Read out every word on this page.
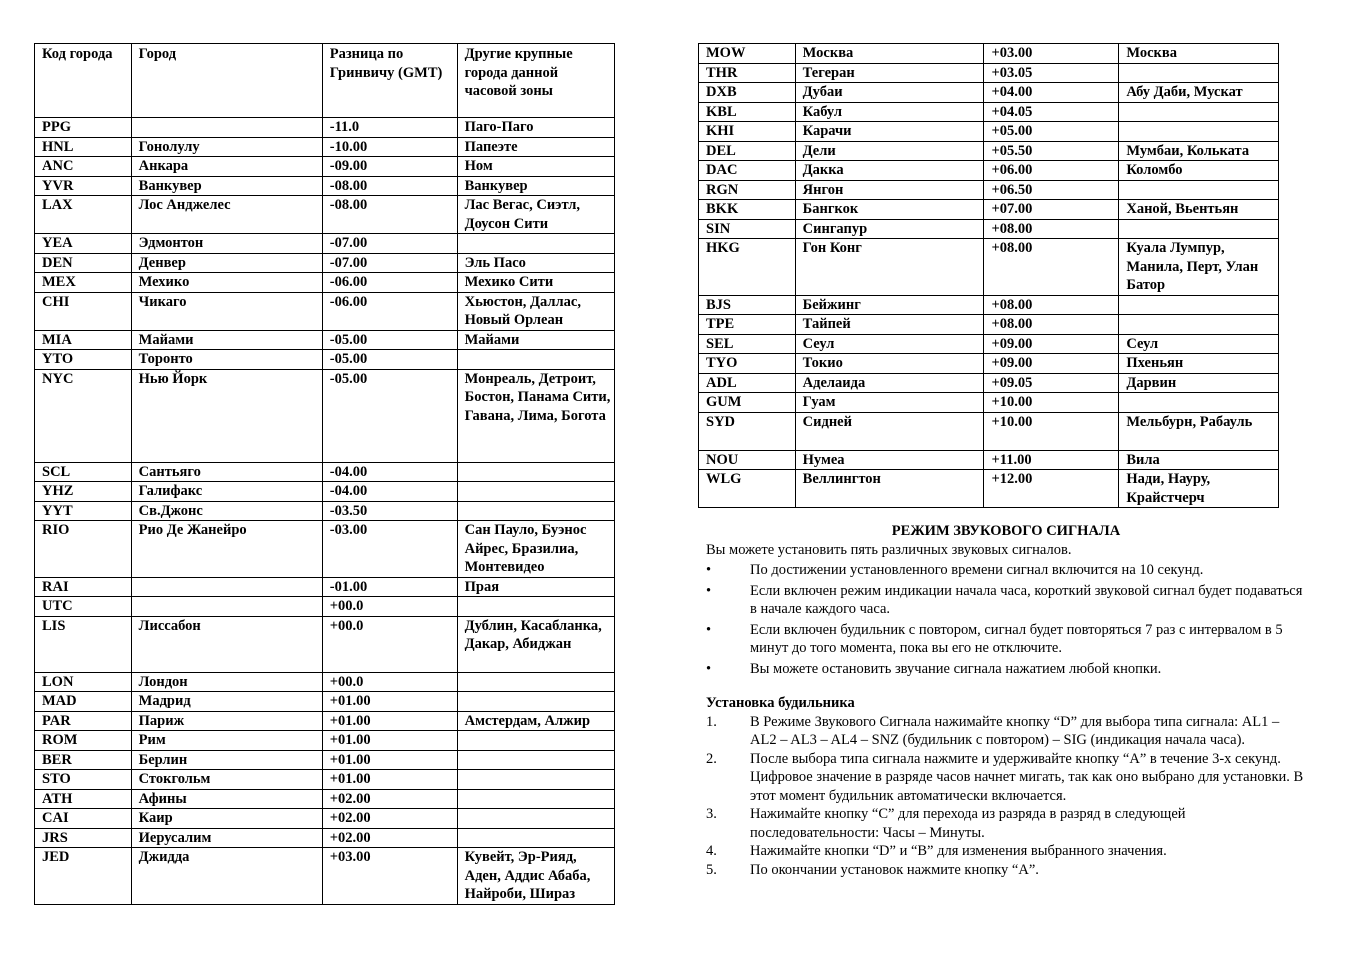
Код города	Город	Разница по Гринвичу (GMT)	Другие крупные города данной часовой зоны
PPG		-11.0	Паго-Паго
HNL	Гонолулу	-10.00	Папеэте
ANC	Анкара	-09.00	Ном
YVR	Ванкувер	-08.00	Ванкувер
LAX	Лос Анджелес	-08.00	Лас Вегас, Сиэтл, Доусон Сити
YEA	Эдмонтон	-07.00	
DEN	Денвер	-07.00	Эль Пасо
MEX	Мехико	-06.00	Мехико Сити
CHI	Чикаго	-06.00	Хьюстон, Даллас, Новый Орлеан
MIA	Майами	-05.00	Майами
YTO	Торонто	-05.00	
NYC	Нью Йорк	-05.00	Монреаль, Детроит, Бостон, Панама Сити, Гавана, Лима, Богота
SCL	Сантьяго	-04.00	
YHZ	Галифакс	-04.00	
YYT	Св.Джонс	-03.50	
RIO	Рио Де Жанейро	-03.00	Сан Пауло, Буэнос Айрес, Бразилиа, Монтевидео
RAI		-01.00	Прая
UTC		+00.0	
LIS	Лиссабон	+00.0	Дублин, Касабланка, Дакар, Абиджан
LON	Лондон	+00.0	
MAD	Мадрид	+01.00	
PAR	Париж	+01.00	Амстердам, Алжир
ROM	Рим	+01.00	
BER	Берлин	+01.00	
STO	Стокгольм	+01.00	
ATH	Афины	+02.00	
CAI	Каир	+02.00	
JRS	Иерусалим	+02.00	
JED	Джидда	+03.00	Кувейт, Эр-Рияд, Аден, Аддис Абаба, Найроби, Шираз
MOW	Москва	+03.00	Москва
THR	Тегеран	+03.05	
DXB	Дубаи	+04.00	Абу Даби, Мускат
KBL	Кабул	+04.05	
KHI	Карачи	+05.00	
DEL	Дели	+05.50	Мумбаи, Кольката
DAC	Дакка	+06.00	Коломбо
RGN	Янгон	+06.50	
BKK	Бангкок	+07.00	Ханой, Вьентьян
SIN	Сингапур	+08.00	
HKG	Гон Конг	+08.00	Куала Лумпур, Манила, Перт, Улан Батор
BJS	Бейжинг	+08.00	
TPE	Тайпей	+08.00	
SEL	Сеул	+09.00	Сеул
TYO	Токио	+09.00	Пхеньян
ADL	Аделаида	+09.05	Дарвин
GUM	Гуам	+10.00	
SYD	Сидней	+10.00	Мельбурн, Рабауль
NOU	Нумеа	+11.00	Вила
WLG	Веллингтон	+12.00	Нади, Науру, Крайстчерч
РЕЖИМ ЗВУКОВОГО СИГНАЛА

Вы можете установить пять различных звуковых сигналов.

•	По достижении установленного времени сигнал включится на 10 секунд.
•	Если включен режим индикации начала часа, короткий звуковой сигнал будет подаваться в начале каждого часа.
•	Если включен будильник с повтором, сигнал будет повторяться 7 раз с интервалом в 5 минут до того момента, пока вы его не отключите.
•	Вы можете остановить звучание сигнала нажатием любой кнопки.
Установка будильника
1. В Режиме Звукового Сигнала нажимайте кнопку “D” для выбора типа сигнала: AL1 – AL2 – AL3 – AL4 – SNZ (будильник с повтором) – SIG (индикация начала часа).
2. После выбора типа сигнала нажмите и удерживайте кнопку “A” в течение 3-х секунд. Цифровое значение в разряде часов начнет мигать, так как оно выбрано для установки. В этот момент будильник автоматически включается.
3. Нажимайте кнопку “C” для перехода из разряда в разряд в следующей последовательности: Часы – Минуты.
4. Нажимайте кнопки “D” и “B” для изменения выбранного значения.
5. По окончании установок нажмите кнопку “A”.
